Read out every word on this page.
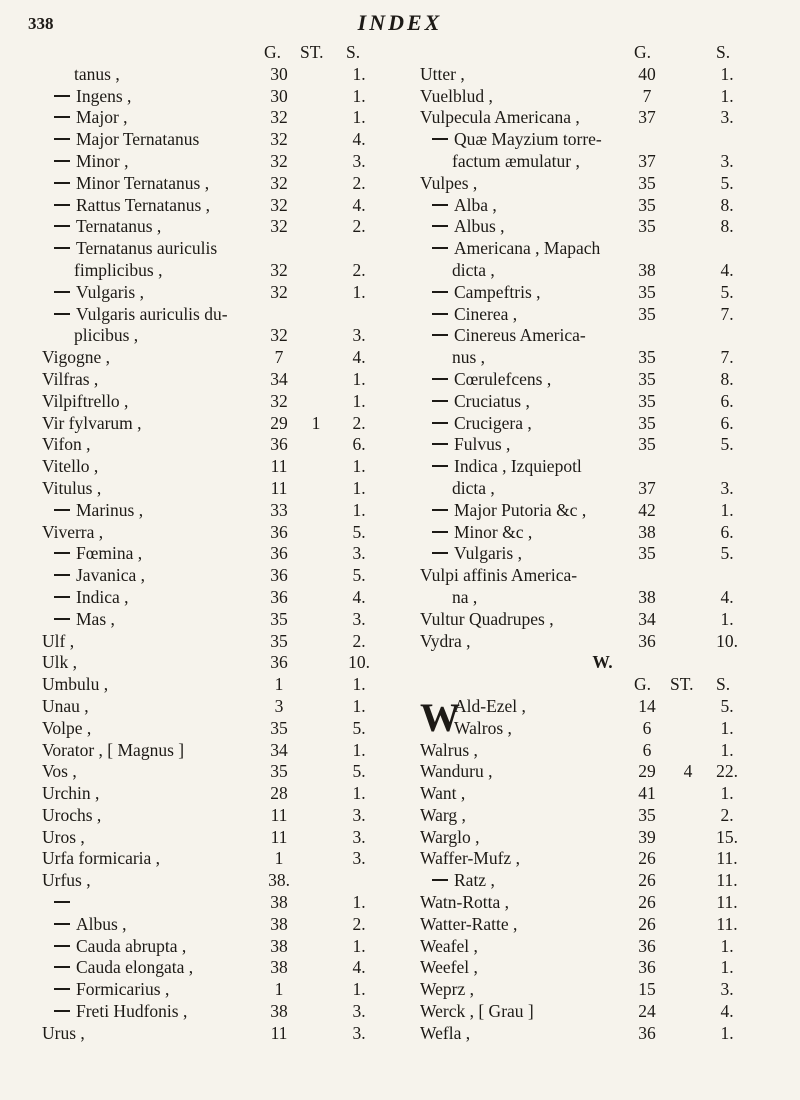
338	INDEX
G. ST. S.
tanus ,	30	1.
Ingens ,	30	1.
Major ,	32	1.
Major Ternatanus	32	4.
Minor ,	32	3.
Minor Ternatanus ,	32	2.
Rattus Ternatanus ,	32	4.
Ternatanus ,	32	2.
Ternatanus auriculis
fimplicibus ,	32	2.
Vulgaris ,	32	1.
Vulgaris auriculis du-
plicibus ,	32	3.
Vigogne ,	7	4.
Vilfras ,	34	1.
Vilpiftrello ,	32	1.
Vir fylvarum ,	29	1	2.
Vifon ,	36	6.
Vitello ,	11	1.
Vitulus ,	11	1.
Marinus ,	33	1.
Viverra ,	36	5.
Fœmina ,	36	3.
Javanica ,	36	5.
Indica ,	36	4.
Mas ,	35	3.
Ulf ,	35	2.
Ulk ,	36	10.
Umbulu ,	1	1.
Unau ,	3	1.
Volpe ,	35	5.
Vorator , [ Magnus ]	34	1.
Vos ,	35	5.
Urchin ,	28	1.
Urochs ,	11	3.
Uros ,	11	3.
Urfa formicaria ,	1	3.
Urfus ,	38.
38	1.
Albus ,	38	2.
Cauda abrupta ,	38	1.
Cauda elongata ,	38	4.
Formicarius ,	1	1.
Freti Hudfonis ,	38	3.
Urus ,	11	3.
G.	S.
Utter ,	40	1.
Vuelblud ,	7	1.
Vulpecula Americana ,	37	3.
Quæ Mayzium torre-
factum æmulatur ,	37	3.
Vulpes ,	35	5.
Alba ,	35	8.
Albus ,	35	8.
Americana , Mapach
dicta ,	38	4.
Campeftris ,	35	5.
Cinerea ,	35	7.
Cinereus America-
nus ,	35	7.
Cœrulefcens ,	35	8.
Cruciatus ,	35	6.
Crucigera ,	35	6.
Fulvus ,	35	5.
Indica , Izquiepotl
dicta ,	37	3.
Major Putoria &c ,	42	1.
Minor &c ,	38	6.
Vulgaris ,	35	5.
Vulpi affinis America-
na ,	38	4.
Vultur Quadrupes ,	34	1.
Vydra ,	36	10.
W.
G. ST. S.
W
Ald-Ezel ,	14	5.
Walros ,	6	1.
Walrus ,	6	1.
Wanduru ,	29	4	22.
Want ,	41	1.
Warg ,	35	2.
Warglo ,	39	15.
Waffer-Mufz ,	26	11.
Ratz ,	26	11.
Watn-Rotta ,	26	11.
Watter-Ratte ,	26	11.
Weafel ,	36	1.
Weefel ,	36	1.
Weprz ,	15	3.
Werck , [ Grau ]	24	4.
Wefla ,	36	1.
